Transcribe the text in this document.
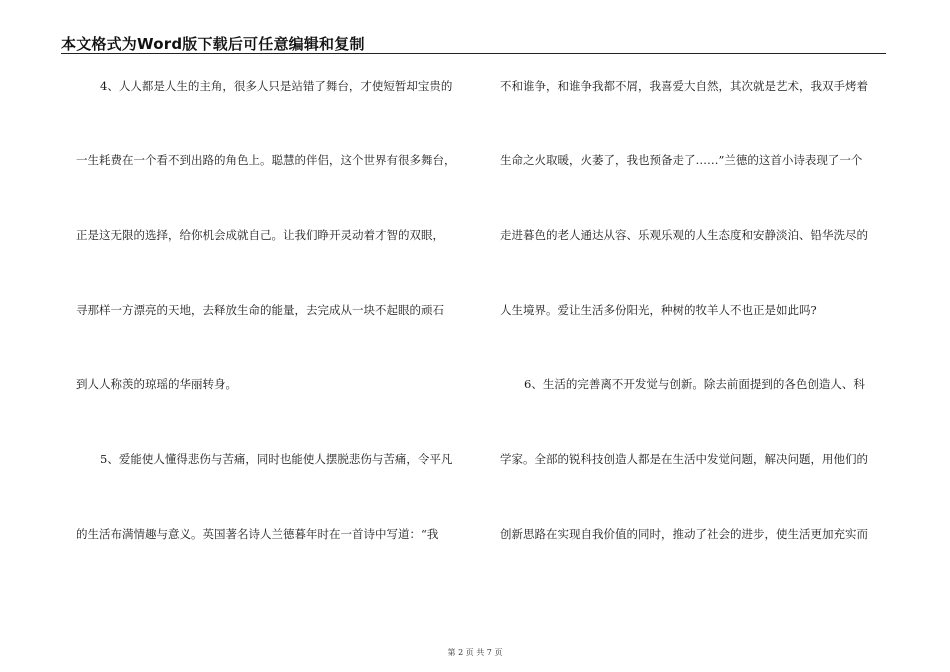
本文格式为Word版下载后可任意编辑和复制
4、人人都是人生的主角，很多人只是站错了舞台，才使短暂却宝贵的
一生耗费在一个看不到出路的角色上。聪慧的伴侣，这个世界有很多舞台，
正是这无限的选择，给你机会成就自己。让我们睁开灵动着才智的双眼，
寻那样一方漂亮的天地，去释放生命的能量，去完成从一块不起眼的顽石
到人人称羡的琼瑶的华丽转身。
5、爱能使人懂得悲伤与苦痛，同时也能使人摆脱悲伤与苦痛，令平凡
的生活布满情趣与意义。英国著名诗人兰德暮年时在一首诗中写道：“我
不和谁争，和谁争我都不屑，我喜爱大自然，其次就是艺术，我双手烤着
生命之火取暖，火萎了，我也预备走了……”兰德的这首小诗表现了一个
走进暮色的老人通达从容、乐观乐观的人生态度和安静淡泊、铅华洗尽的
人生境界。爱让生活多份阳光，种树的牧羊人不也正是如此吗?
6、生活的完善离不开发觉与创新。除去前面提到的各色创造人、科
学家。全部的锐科技创造人都是在生活中发觉问题，解决问题，用他们的
创新思路在实现自我价值的同时，推动了社会的进步，使生活更加充实而
第 2 页 共 7 页
